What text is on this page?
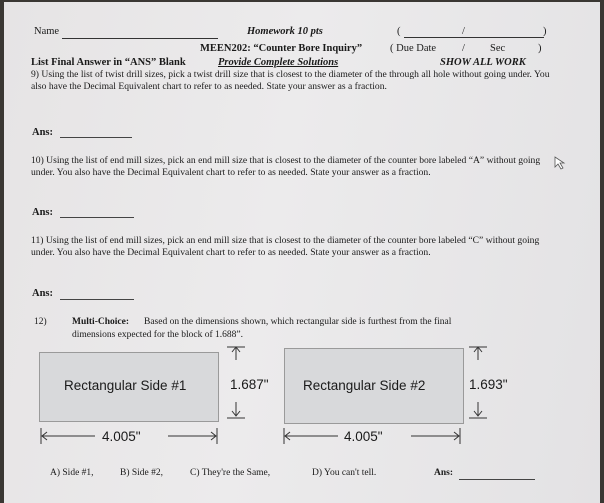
Name	Homework 10 pts	(	/	)
MEEN202: “Counter Bore Inquiry”	( Due Date / Sec	)
List Final Answer in “ANS” Blank	Provide Complete Solutions	SHOW ALL WORK
9) Using the list of twist drill sizes, pick a twist drill size that is closest to the diameter of the through all hole without going under. You also have the Decimal Equivalent chart to refer to as needed. State your answer as a fraction.
Ans:
10) Using the list of end mill sizes, pick an end mill size that is closest to the diameter of the counter bore labeled “A” without going under. You also have the Decimal Equivalent chart to refer to as needed. State your answer as a fraction.
Ans:
11) Using the list of end mill sizes, pick an end mill size that is closest to the diameter of the counter bore labeled “C” without going under. You also have the Decimal Equivalent chart to refer to as needed. State your answer as a fraction.
Ans:
12)	Multi-Choice: Based on the dimensions shown, which rectangular side is furthest from the final
dimensions expected for the block of 1.688”.
Rectangular Side #1	1.687"	Rectangular Side #2	1.693"
4.005"	4.005"
A) Side #1,	B) Side #2,	C) They're the Same,	D) You can't tell.	Ans:
